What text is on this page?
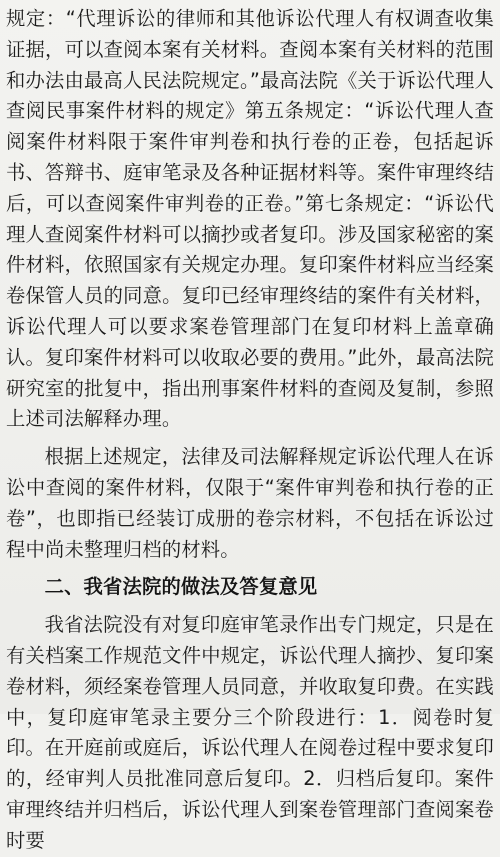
规定：“代理诉讼的律师和其他诉讼代理人有权调查收集证据，可以查阅本案有关材料。查阅本案有关材料的范围和办法由最高人民法院规定。”最高法院《关于诉讼代理人查阅民事案件材料的规定》第五条规定：“诉讼代理人查阅案件材料限于案件审判卷和执行卷的正卷，包括起诉书、答辩书、庭审笔录及各种证据材料等。案件审理终结后，可以查阅案件审判卷的正卷。”第七条规定：“诉讼代理人查阅案件材料可以摘抄或者复印。涉及国家秘密的案件材料，依照国家有关规定办理。复印案件材料应当经案卷保管人员的同意。复印已经审理终结的案件有关材料，诉讼代理人可以要求案卷管理部门在复印材料上盖章确认。复印案件材料可以收取必要的费用。”此外，最高法院研究室的批复中，指出刑事案件材料的查阅及复制，参照上述司法解释办理。

根据上述规定，法律及司法解释规定诉讼代理人在诉讼中查阅的案件材料，仅限于“案件审判卷和执行卷的正卷”，也即指已经装订成册的卷宗材料，不包括在诉讼过程中尚未整理归档的材料。

二、我省法院的做法及答复意见

我省法院没有对复印庭审笔录作出专门规定，只是在有关档案工作规范文件中规定，诉讼代理人摘抄、复印案卷材料，须经案卷管理人员同意，并收取复印费。在实践中，复印庭审笔录主要分三个阶段进行：1．阅卷时复印。在开庭前或庭后，诉讼代理人在阅卷过程中要求复印的，经审判人员批准同意后复印。2．归档后复印。案件审理终结并归档后，诉讼代理人到案卷管理部门查阅案卷时要
